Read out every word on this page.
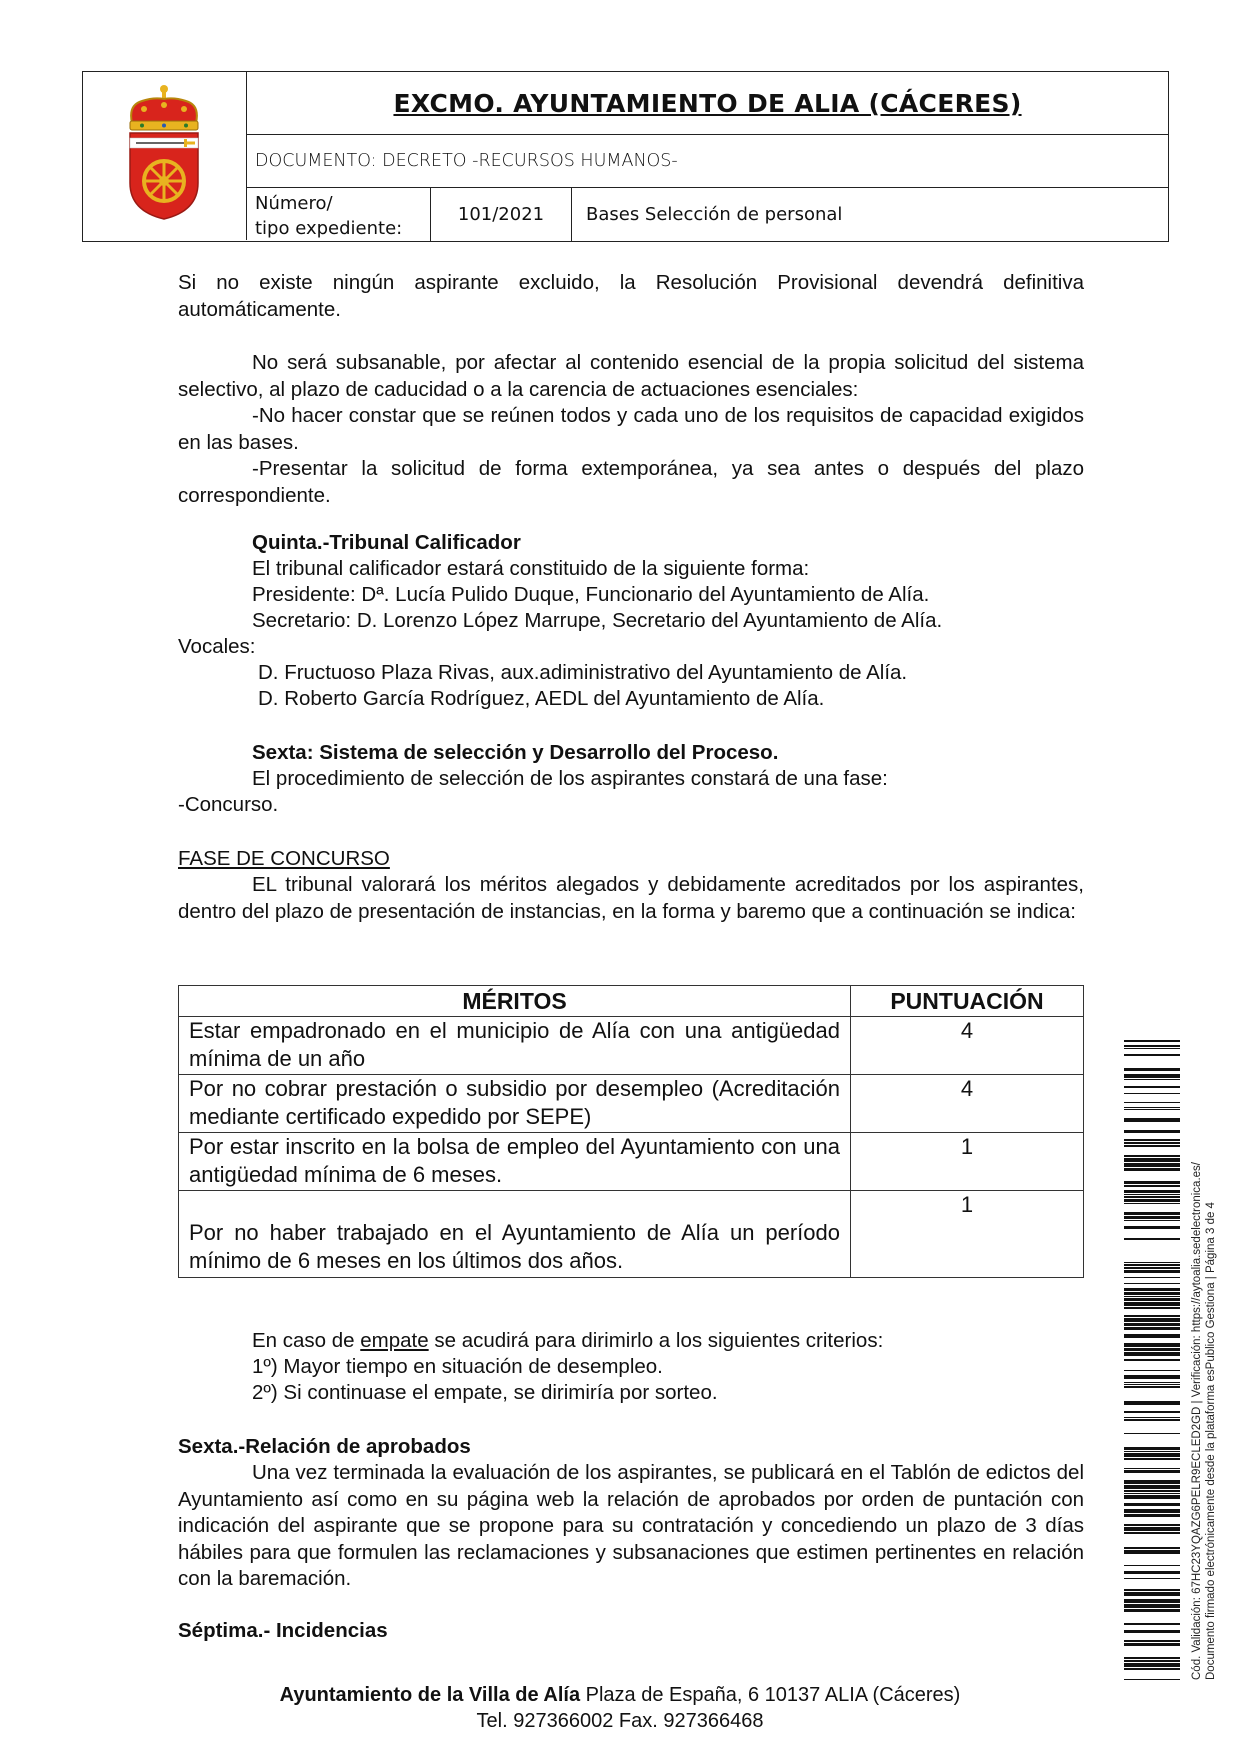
EXCMO. AYUNTAMIENTO DE ALIA (CÁCERES)
DOCUMENTO: DECRETO -RECURSOS HUMANOS-
Número/
tipo expediente:
101/2021	Bases Selección de personal

Si no existe ningún aspirante excluido, la Resolución Provisional devendrá definitiva automáticamente.

No será subsanable, por afectar al contenido esencial de la propia solicitud del sistema selectivo, al plazo de caducidad o a la carencia de actuaciones esenciales:

-No hacer constar que se reúnen todos y cada uno de los requisitos de capacidad exigidos en las bases.

-Presentar la solicitud de forma extemporánea, ya sea antes o después del plazo correspondiente.

Quinta.-Tribunal Calificador

El tribunal calificador estará constituido de la siguiente forma:

Presidente: Dª. Lucía Pulido Duque, Funcionario del Ayuntamiento de Alía.

Secretario: D. Lorenzo López Marrupe, Secretario del Ayuntamiento de Alía.

Vocales:

D. Fructuoso Plaza Rivas, aux.adiministrativo del Ayuntamiento de Alía.

D. Roberto García Rodríguez, AEDL del Ayuntamiento de Alía.

Sexta: Sistema de selección y Desarrollo del Proceso.

El procedimiento de selección de los aspirantes constará de una fase:

-Concurso.

FASE DE CONCURSO

EL tribunal valorará los méritos alegados y debidamente acreditados por los aspirantes, dentro del plazo de presentación de instancias, en la forma y baremo que a continuación se indica:

MÉRITOS	PUNTUACIÓN
Estar empadronado en el municipio de Alía con una antigüedad mínima de un año	4
Por no cobrar prestación o subsidio por desempleo (Acreditación mediante certificado expedido por SEPE)	4
Por estar inscrito en la bolsa de empleo del Ayuntamiento con una antigüedad mínima de 6 meses.	1
Por no haber trabajado en el Ayuntamiento de Alía un período mínimo de 6 meses en los últimos dos años.	1

En caso de empate se acudirá para dirimirlo a los siguientes criterios:

1º) Mayor tiempo en situación de desempleo.

2º) Si continuase el empate, se dirimiría por sorteo.

Sexta.-Relación de aprobados

Una vez terminada la evaluación de los aspirantes, se publicará en el Tablón de edictos del Ayuntamiento así como en su página web la relación de aprobados por orden de puntación con indicación del aspirante que se propone para su contratación y concediendo un plazo de 3 días hábiles para que formulen las reclamaciones y subsanaciones que estimen pertinentes en relación con la baremación.

Séptima.- Incidencias

Ayuntamiento de la Villa de Alía Plaza de España, 6 10137 ALIA (Cáceres)
Tel. 927366002 Fax. 927366468
Cód. Validación: 67HC23YQAZG6PELR9ECLED2GD | Verificación: https://aytoalia.sedelectronica.es/ Documento firmado electrónicamente desde la plataforma esPublico Gestiona | Página 3 de 4
